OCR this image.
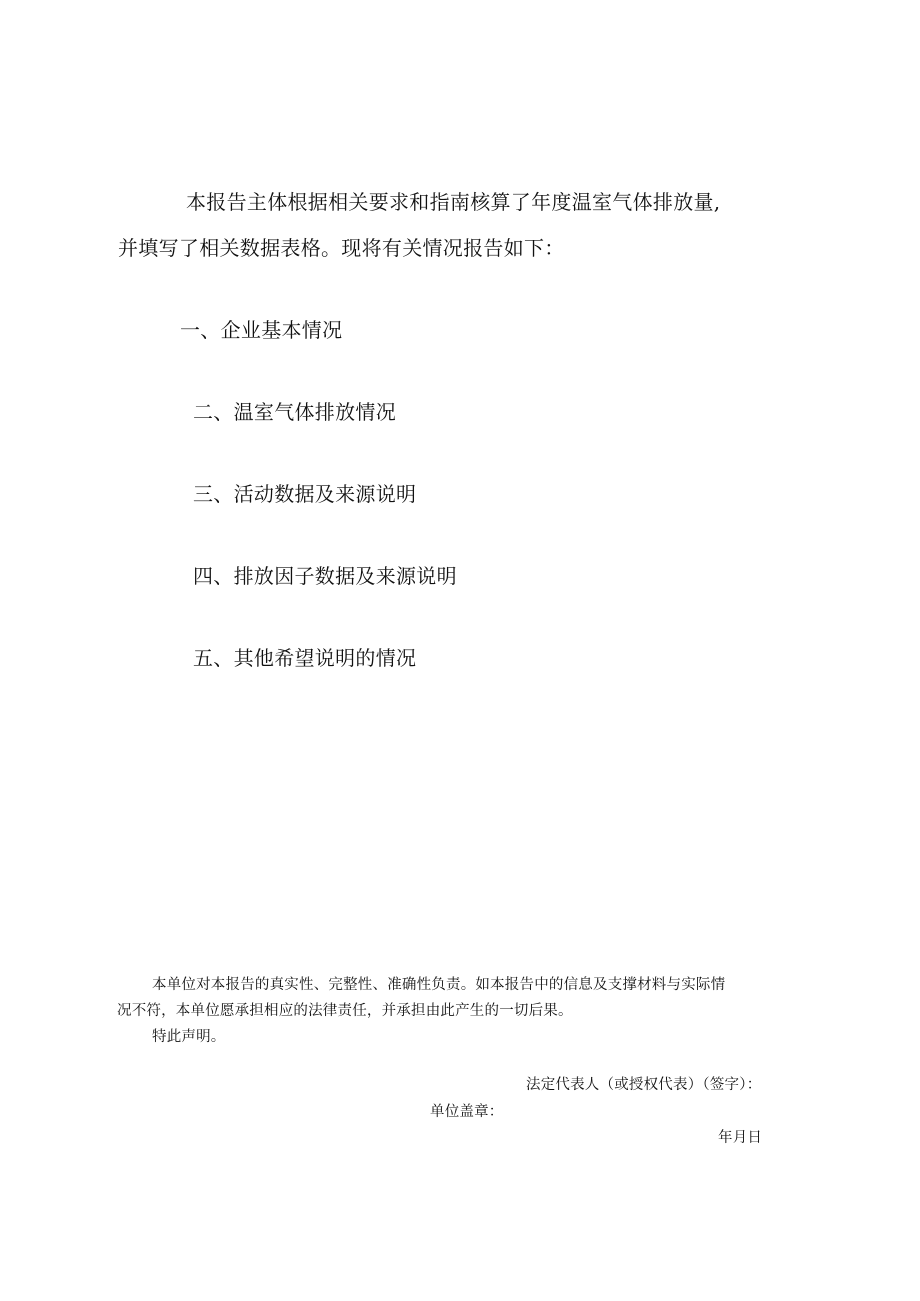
本报告主体根据相关要求和指南核算了年度温室气体排放量,
并填写了相关数据表格。现将有关情况报告如下：
一、企业基本情况
二、温室气体排放情况
三、活动数据及来源说明
四、排放因子数据及来源说明
五、其他希望说明的情况
本单位对本报告的真实性、完整性、准确性负责。如本报告中的信息及支撑材料与实际情
况不符，本单位愿承担相应的法律责任，并承担由此产生的一切后果。
特此声明。
法定代表人（或授权代表）（签字）：
单位盖章：
年月日
